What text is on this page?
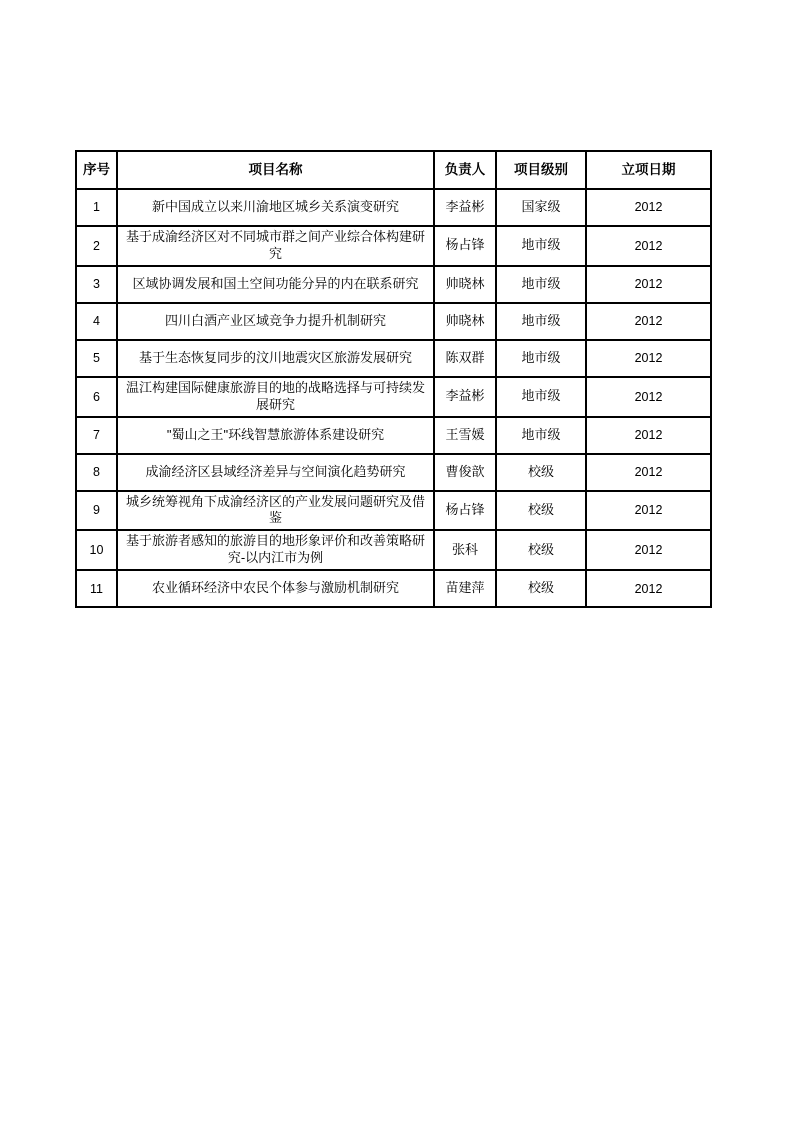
序号	项目名称	负责人	项目级别	立项日期
1	新中国成立以来川渝地区城乡关系演变研究	李益彬	国家级	2012
2	基于成渝经济区对不同城市群之间产业综合体构建研究	杨占锋	地市级	2012
3	区域协调发展和国土空间功能分异的内在联系研究	帅晓林	地市级	2012
4	四川白酒产业区域竞争力提升机制研究	帅晓林	地市级	2012
5	基于生态恢复同步的汶川地震灾区旅游发展研究	陈双群	地市级	2012
6	温江构建国际健康旅游目的地的战略选择与可持续发展研究	李益彬	地市级	2012
7	"蜀山之王"环线智慧旅游体系建设研究	王雪媛	地市级	2012
8	成渝经济区县域经济差异与空间演化趋势研究	曹俊歆	校级	2012
9	城乡统筹视角下成渝经济区的产业发展问题研究及借鉴	杨占锋	校级	2012
10	基于旅游者感知的旅游目的地形象评价和改善策略研究-以内江市为例	张科	校级	2012
11	农业循环经济中农民个体参与激励机制研究	苗建萍	校级	2012
